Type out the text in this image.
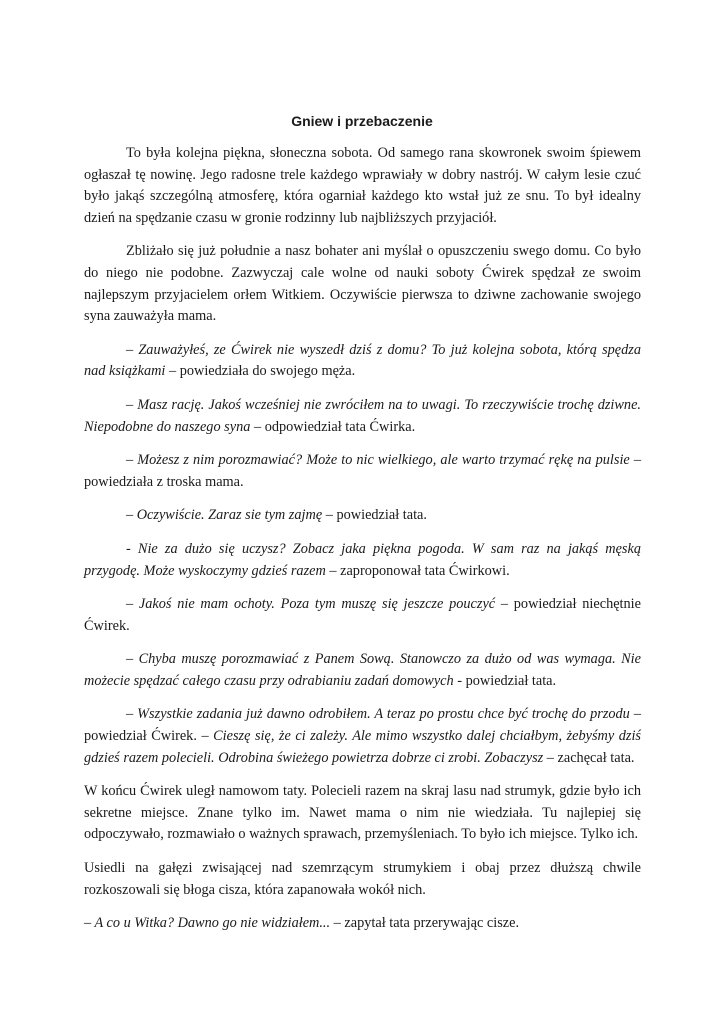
Gniew i przebaczenie

To była kolejna piękna, słoneczna sobota. Od samego rana skowronek swoim śpiewem ogłaszał tę nowinę. Jego radosne trele każdego wprawiały w dobry nastrój. W całym lesie czuć było jakąś szczególną atmosferę, która ogarniał każdego kto wstał już ze snu. To był idealny dzień na spędzanie czasu w gronie rodzinny lub najbliższych przyjaciół.

Zbliżało się już południe a nasz bohater ani myślał o opuszczeniu swego domu. Co było do niego nie podobne. Zazwyczaj cale wolne od nauki soboty Ćwirek spędzał ze swoim najlepszym przyjacielem orłem Witkiem. Oczywiście pierwsza to dziwne zachowanie swojego syna zauważyła mama.

– Zauważyłeś, ze Ćwirek nie wyszedł dziś z domu? To już kolejna sobota, którą spędza nad książkami – powiedziała do swojego męża.

– Masz rację. Jakoś wcześniej nie zwróciłem na to uwagi. To rzeczywiście trochę dziwne. Niepodobne do naszego syna – odpowiedział tata Ćwirka.

– Możesz z nim porozmawiać? Może to nic wielkiego, ale warto trzymać rękę na pulsie – powiedziała z troska mama.

– Oczywiście. Zaraz sie tym zajmę – powiedział tata.

- Nie za dużo się uczysz? Zobacz jaka piękna pogoda. W sam raz na jakąś męską przygodę. Może wyskoczymy gdzieś razem – zaproponował tata Ćwirkowi.

– Jakoś nie mam ochoty. Poza tym muszę się jeszcze pouczyć – powiedział niechętnie Ćwirek.

– Chyba muszę porozmawiać z Panem Sową. Stanowczo za dużo od was wymaga. Nie możecie spędzać całego czasu przy odrabianiu zadań domowych - powiedział tata.

– Wszystkie zadania już dawno odrobiłem. A teraz po prostu chce być trochę do przodu – powiedział Ćwirek. – Cieszę się, że ci zależy. Ale mimo wszystko dalej chciałbym, żebyśmy dziś gdzieś razem polecieli. Odrobina świeżego powietrza dobrze ci zrobi. Zobaczysz – zachęcał tata.

W końcu Ćwirek uległ namowom taty. Polecieli razem na skraj lasu nad strumyk, gdzie było ich sekretne miejsce. Znane tylko im. Nawet mama o nim nie wiedziała. Tu najlepiej się odpoczywało, rozmawiało o ważnych sprawach, przemyśleniach. To było ich miejsce. Tylko ich.

Usiedli na gałęzi zwisającej nad szemrzącym strumykiem i obaj przez dłuższą chwile rozkoszowali się błoga cisza, która zapanowała wokół nich.

– A co u Witka? Dawno go nie widziałem... – zapytał tata przerywając cisze.
